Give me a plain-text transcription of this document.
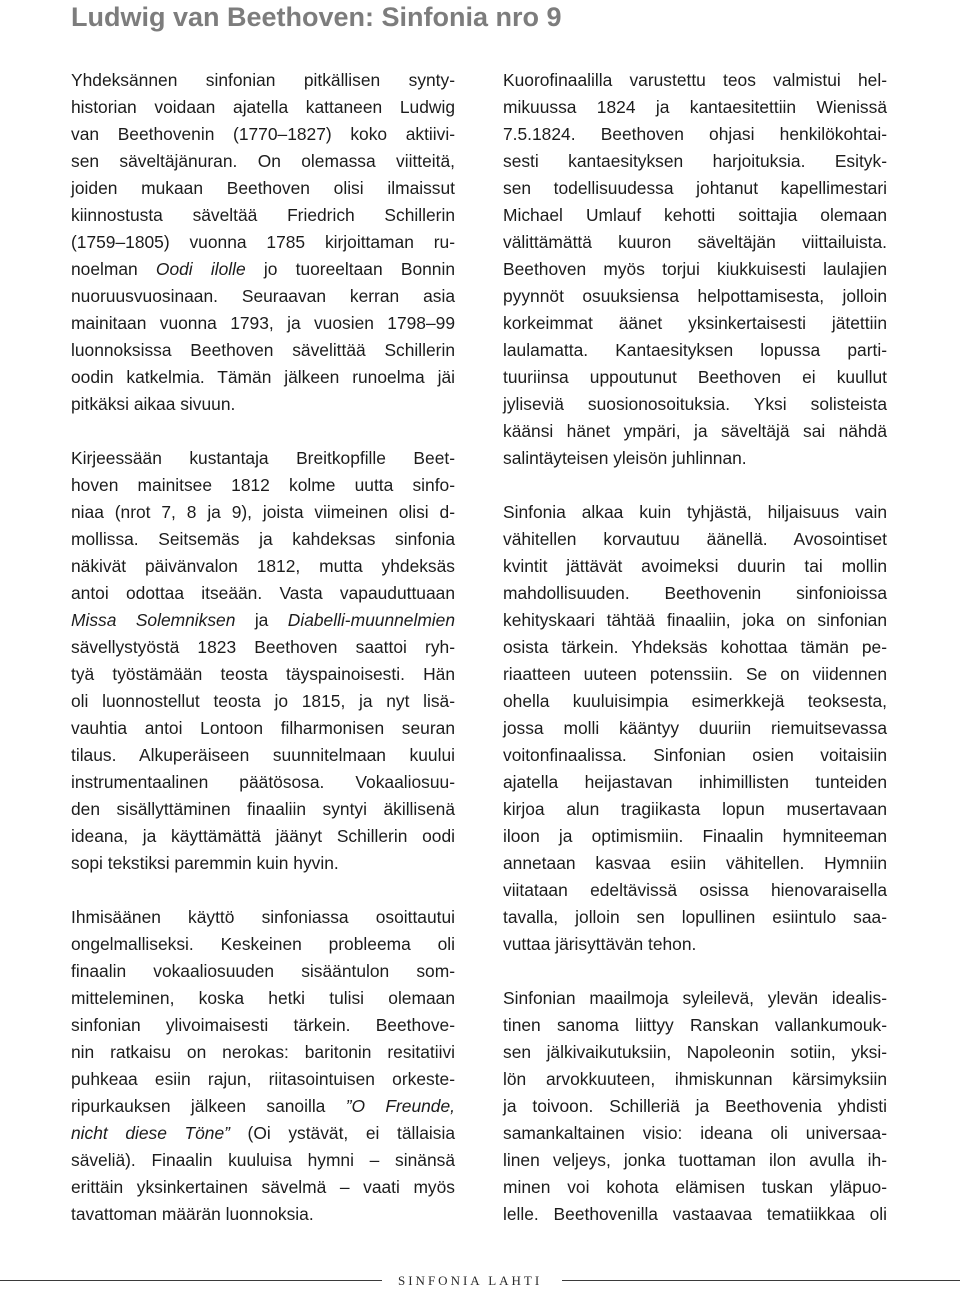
Ludwig van Beethoven: Sinfonia nro 9
Yhdeksännen sinfonian pitkällisen synty-
historian voidaan ajatella kattaneen Ludwig
van Beethovenin (1770–1827) koko aktiivi-
sen säveltäjänuran. On olemassa viitteitä,
joiden mukaan Beethoven olisi ilmaissut
kiinnostusta säveltää Friedrich Schillerin
(1759–1805) vuonna 1785 kirjoittaman ru-
noelman Oodi ilolle jo tuoreeltaan Bonnin
nuoruusvuosinaan. Seuraavan kerran asia
mainitaan vuonna 1793, ja vuosien 1798–99
luonnoksissa Beethoven sävelittää Schillerin
oodin katkelmia. Tämän jälkeen runoelma jäi
pitkäksi aikaa sivuun.
Kirjeessään kustantaja Breitkopfille Beet-
hoven mainitsee 1812 kolme uutta sinfo-
niaa (nrot 7, 8 ja 9), joista viimeinen olisi d-
mollissa. Seitsemäs ja kahdeksas sinfonia
näkivät päivänvalon 1812, mutta yhdeksäs
antoi odottaa itseään. Vasta vapauduttuaan
Missa Solemniksen ja Diabelli-muunnelmien
sävellystyöstä 1823 Beethoven saattoi ryh-
tyä työstämään teosta täyspainoisesti. Hän
oli luonnostellut teosta jo 1815, ja nyt lisä-
vauhtia antoi Lontoon filharmonisen seuran
tilaus. Alkuperäiseen suunnitelmaan kuului
instrumentaalinen päätösosa. Vokaaliosuu-
den sisällyttäminen finaaliin syntyi äkillisenä
ideana, ja käyttämättä jäänyt Schillerin oodi
sopi tekstiksi paremmin kuin hyvin.
Ihmisäänen käyttö sinfoniassa osoittautui
ongelmalliseksi. Keskeinen probleema oli
finaalin vokaaliosuuden sisääntulon som-
mitteleminen, koska hetki tulisi olemaan
sinfonian ylivoimaisesti tärkein. Beethove-
nin ratkaisu on nerokas: baritonin resitatiivi
puhkeaa esiin rajun, riitasointuisen orkeste-
ripurkauksen jälkeen sanoilla ”O Freunde,
nicht diese Töne” (Oi ystävät, ei tällaisia
säveliä). Finaalin kuuluisa hymni – sinänsä
erittäin yksinkertainen sävelmä – vaati myös
tavattoman määrän luonnoksia.
Kuorofinaalilla varustettu teos valmistui hel-
mikuussa 1824 ja kantaesitettiin Wienissä
7.5.1824. Beethoven ohjasi henkilökohtai-
sesti kantaesityksen harjoituksia. Esityk-
sen todellisuudessa johtanut kapellimestari
Michael Umlauf kehotti soittajia olemaan
välittämättä kuuron säveltäjän viittailuista.
Beethoven myös torjui kiukkuisesti laulajien
pyynnöt osuuksiensa helpottamisesta, jolloin
korkeimmat äänet yksinkertaisesti jätettiin
laulamatta. Kantaesityksen lopussa parti-
tuuriinsa uppoutunut Beethoven ei kuullut
jyliseviä suosionosoituksia. Yksi solisteista
käänsi hänet ympäri, ja säveltäjä sai nähdä
salintäyteisen yleisön juhlinnan.
Sinfonia alkaa kuin tyhjästä, hiljaisuus vain
vähitellen korvautuu äänellä. Avosointiset
kvintit jättävät avoimeksi duurin tai mollin
mahdollisuuden. Beethovenin sinfonioissa
kehityskaari tähtää finaaliin, joka on sinfonian
osista tärkein. Yhdeksäs kohottaa tämän pe-
riaatteen uuteen potenssiin. Se on viidennen
ohella kuuluisimpia esimerkkejä teoksesta,
jossa molli kääntyy duuriin riemuitsevassa
voitonfinaalissa. Sinfonian osien voitaisiin
ajatella heijastavan inhimillisten tunteiden
kirjoa alun tragiikasta lopun musertavaan
iloon ja optimismiin. Finaalin hymniteeman
annetaan kasvaa esiin vähitellen. Hymniin
viitataan edeltävissä osissa hienovaraisella
tavalla, jolloin sen lopullinen esiintulo saa-
vuttaa järisyttävän tehon.
Sinfonian maailmoja syleilevä, ylevän idealis-
tinen sanoma liittyy Ranskan vallankumouk-
sen jälkivaikutuksiin, Napoleonin sotiin, yksi-
lön arvokkuuteen, ihmiskunnan kärsimyksiin
ja toivoon. Schilleriä ja Beethovenia yhdisti
samankaltainen visio: ideana oli universaa-
linen veljeys, jonka tuottaman ilon avulla ih-
minen voi kohota elämisen tuskan yläpuo-
lelle. Beethovenilla vastaavaa tematiikkaa oli
SINFONIA LAHTI
